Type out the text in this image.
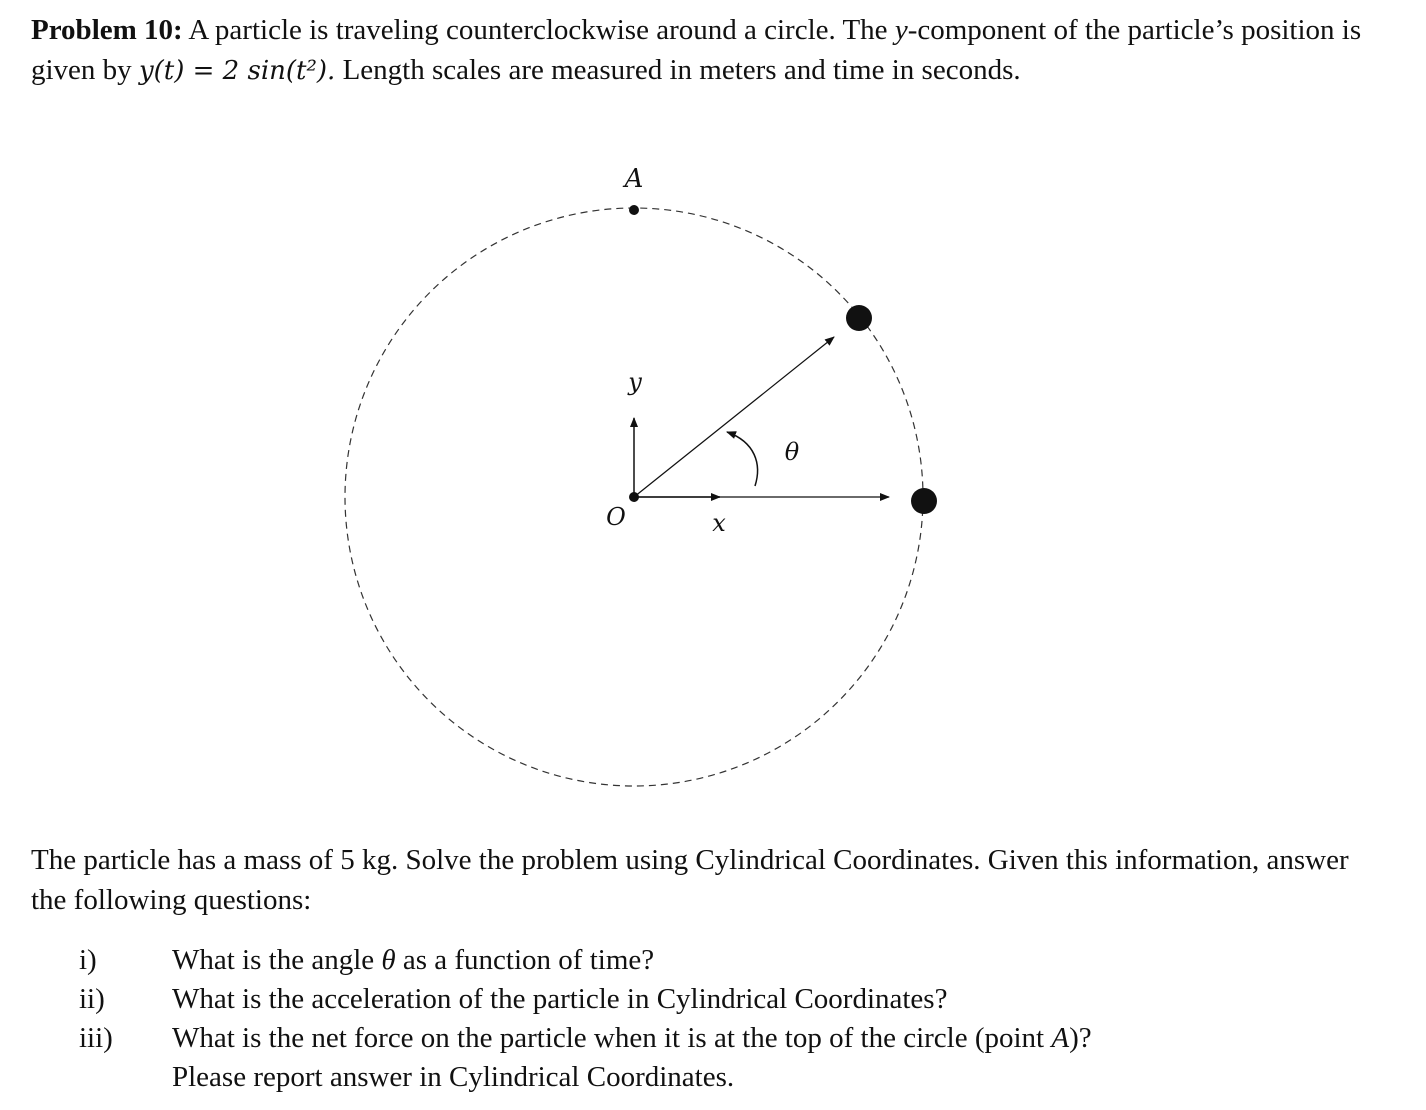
Problem 10: A particle is traveling counterclockwise around a circle. The y-component of the particle’s position is given by y(t) = 2 sin(t²). Length scales are measured in meters and time in seconds.

A
O
y
x
θ

The particle has a mass of 5 kg. Solve the problem using Cylindrical Coordinates. Given this information, answer the following questions:

i)	What is the angle θ as a function of time?
ii) What is the acceleration of the particle in Cylindrical Coordinates?
iii) What is the net force on the particle when it is at the top of the circle (point A)?
Please report answer in Cylindrical Coordinates.
